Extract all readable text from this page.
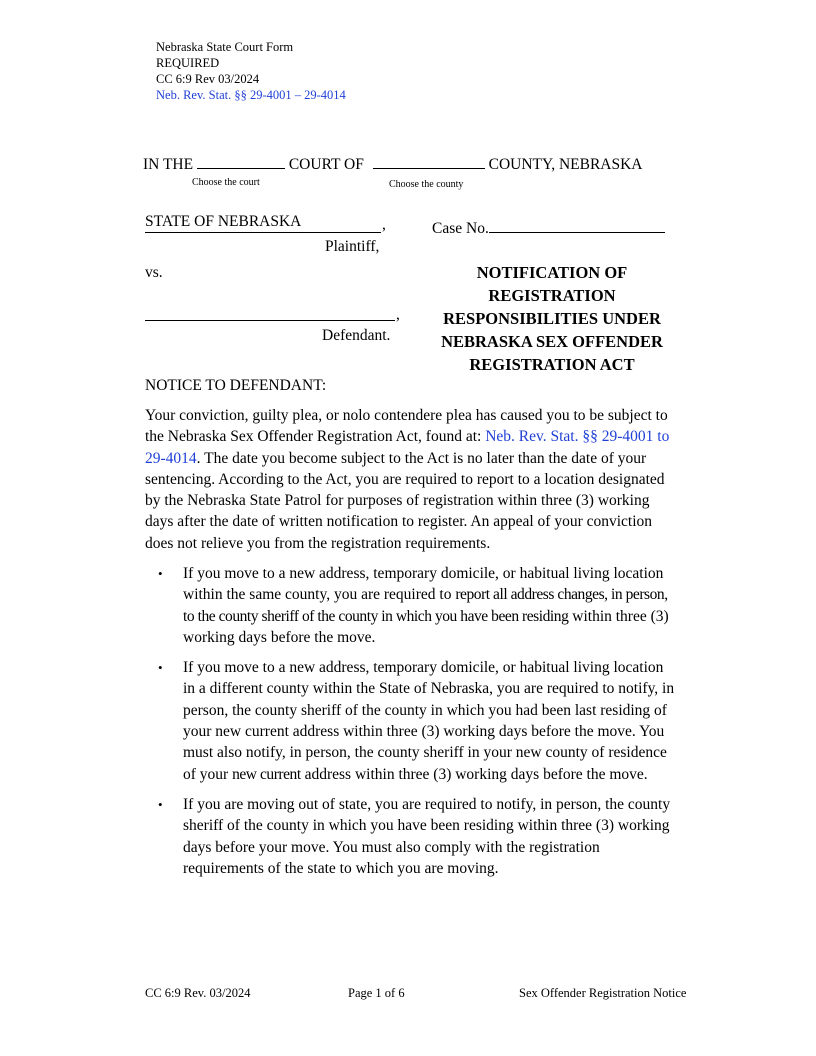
Nebraska State Court Form
REQUIRED
CC 6:9 Rev 03/2024
Neb. Rev. Stat. §§ 29-4001 – 29-4014
IN THE	COURT OF	COUNTY, NEBRASKA
Choose the court	Choose the county
STATE OF NEBRASKA	,
Plaintiff,
Case No.
vs.
,
Defendant.
NOTIFICATION OF
REGISTRATION
RESPONSIBILITIES UNDER
NEBRASKA SEX OFFENDER
REGISTRATION ACT
NOTICE TO DEFENDANT:
Your conviction, guilty plea, or nolo contendere plea has caused you to be subject to the Nebraska Sex Offender Registration Act, found at: Neb. Rev. Stat. §§ 29-4001 to 29-4014. The date you become subject to the Act is no later than the date of your sentencing. According to the Act, you are required to report to a location designated by the Nebraska State Patrol for purposes of registration within three (3) working days after the date of written notification to register. An appeal of your conviction does not relieve you from the registration requirements.
• If you move to a new address, temporary domicile, or habitual living location within the same county, you are required to report all address changes, in person, to the county sheriff of the county in which you have been residing within three (3) working days before the move.
• If you move to a new address, temporary domicile, or habitual living location in a different county within the State of Nebraska, you are required to notify, in person, the county sheriff of the county in which you had been last residing of your new current address within three (3) working days before the move. You must also notify, in person, the county sheriff in your new county of residence of your new current address within three (3) working days before the move.
• If you are moving out of state, you are required to notify, in person, the county sheriff of the county in which you have been residing within three (3) working days before your move. You must also comply with the registration requirements of the state to which you are moving.
CC 6:9 Rev. 03/2024	Page 1 of 6	Sex Offender Registration Notice
